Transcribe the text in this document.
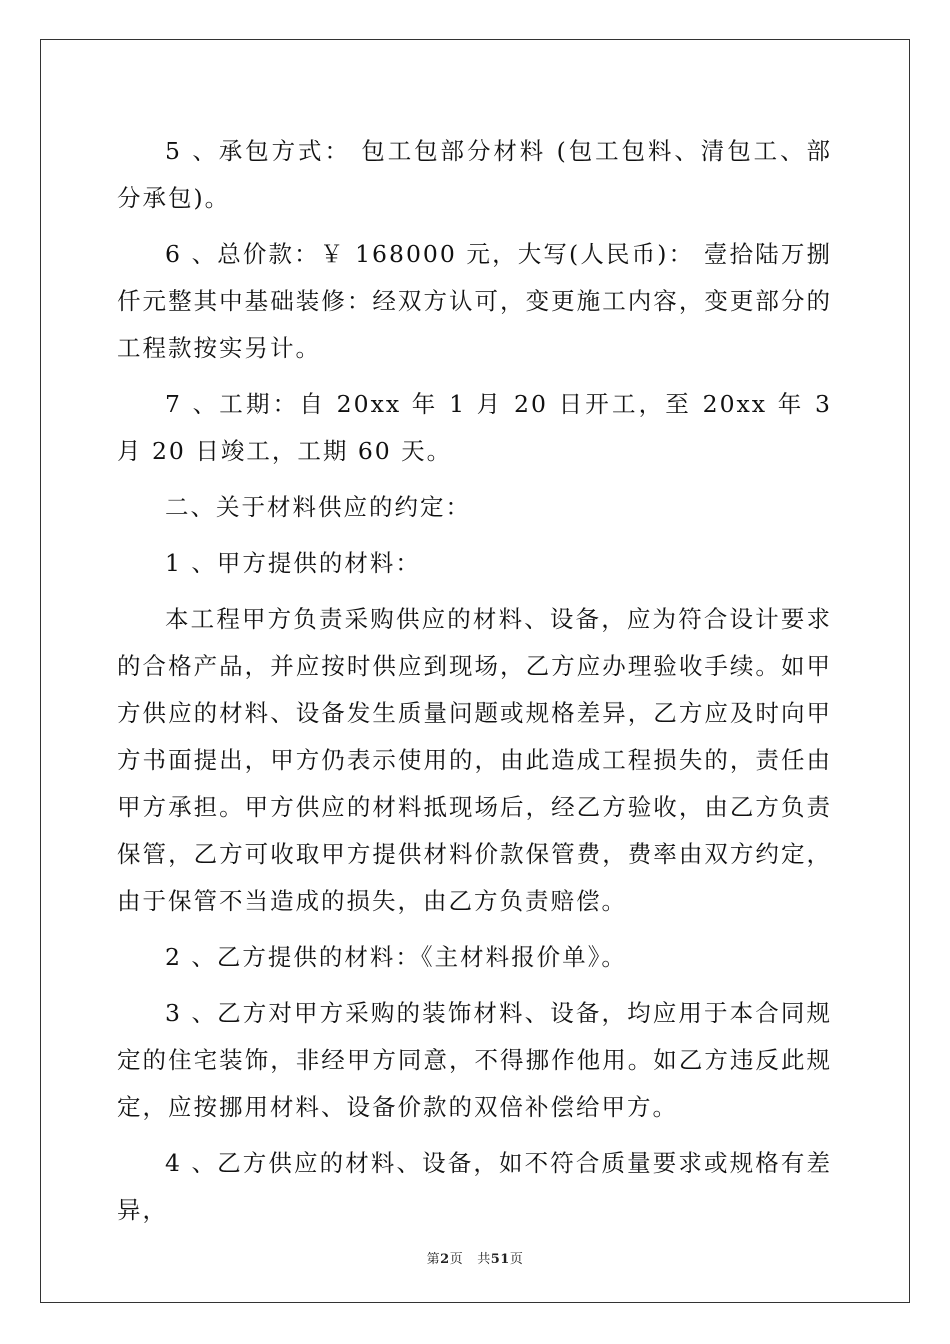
5 、承包方式： 包工包部分材料 (包工包料、清包工、部分承包)。

6 、总价款：￥ 168000 元，大写(人民币)： 壹拾陆万捌仟元整其中基础装修：经双方认可，变更施工内容，变更部分的工程款按实另计。

7 、工期：自 20xx 年 1 月 20 日开工，至 20xx 年 3 月 20 日竣工，工期 60 天。

二、关于材料供应的约定：

1 、甲方提供的材料：

本工程甲方负责采购供应的材料、设备，应为符合设计要求的合格产品，并应按时供应到现场，乙方应办理验收手续。如甲方供应的材料、设备发生质量问题或规格差异，乙方应及时向甲方书面提出，甲方仍表示使用的，由此造成工程损失的，责任由甲方承担。甲方供应的材料抵现场后，经乙方验收，由乙方负责保管，乙方可收取甲方提供材料价款保管费，费率由双方约定，由于保管不当造成的损失，由乙方负责赔偿。

2 、乙方提供的材料：《主材料报价单》。

3 、乙方对甲方采购的装饰材料、设备，均应用于本合同规定的住宅装饰，非经甲方同意，不得挪作他用。如乙方违反此规定，应按挪用材料、设备价款的双倍补偿给甲方。

4 、乙方供应的材料、设备，如不符合质量要求或规格有差异，

第2页 共51页
